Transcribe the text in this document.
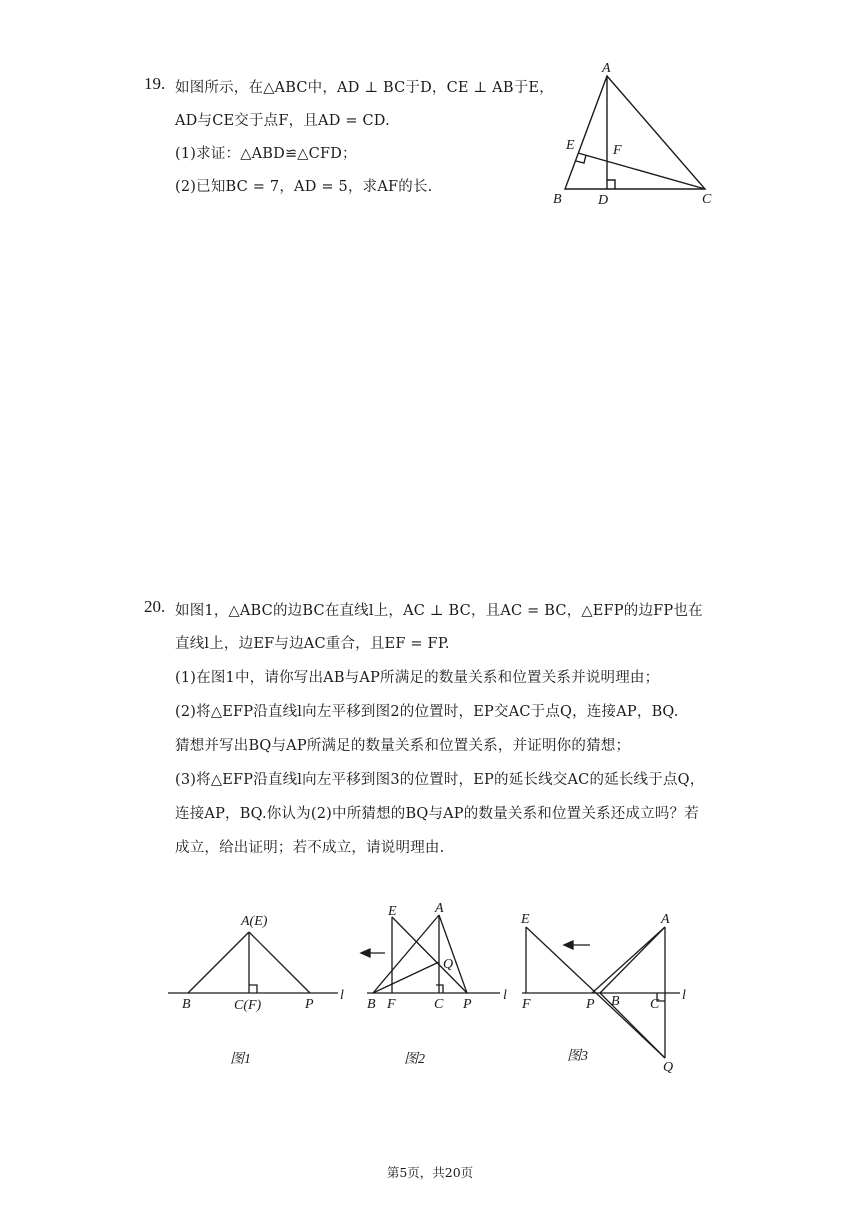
19. 如图所示，在△ABC中，AD ⊥ BC于D，CE ⊥ AB于E，
AD与CE交于点F，且AD = CD.
(1)求证：△ABD≌△CFD；
(2)已知BC = 7，AD = 5，求AF的长.
A
B	C
D
E	F
20. 如图1，△ABC的边BC在直线l上，AC ⊥ BC，且AC = BC，△EFP的边FP也在
直线l上，边EF与边AC重合，且EF = FP.
(1)在图1中，请你写出AB与AP所满足的数量关系和位置关系并说明理由；
(2)将△EFP沿直线l向左平移到图2的位置时，EP交AC于点Q，连接AP，BQ.
猜想并写出BQ与AP所满足的数量关系和位置关系，并证明你的猜想；
(3)将△EFP沿直线l向左平移到图3的位置时，EP的延长线交AC的延长线于点Q，
连接AP，BQ.你认为(2)中所猜想的BQ与AP的数量关系和位置关系还成立吗？若
成立，给出证明；若不成立，请说明理由.
A(E)
B	C(F)	P
l
图1
E	A
Q
B F	C P
l
图2
E	A
F	P B C
Q
l
图3
第5页，共20页
